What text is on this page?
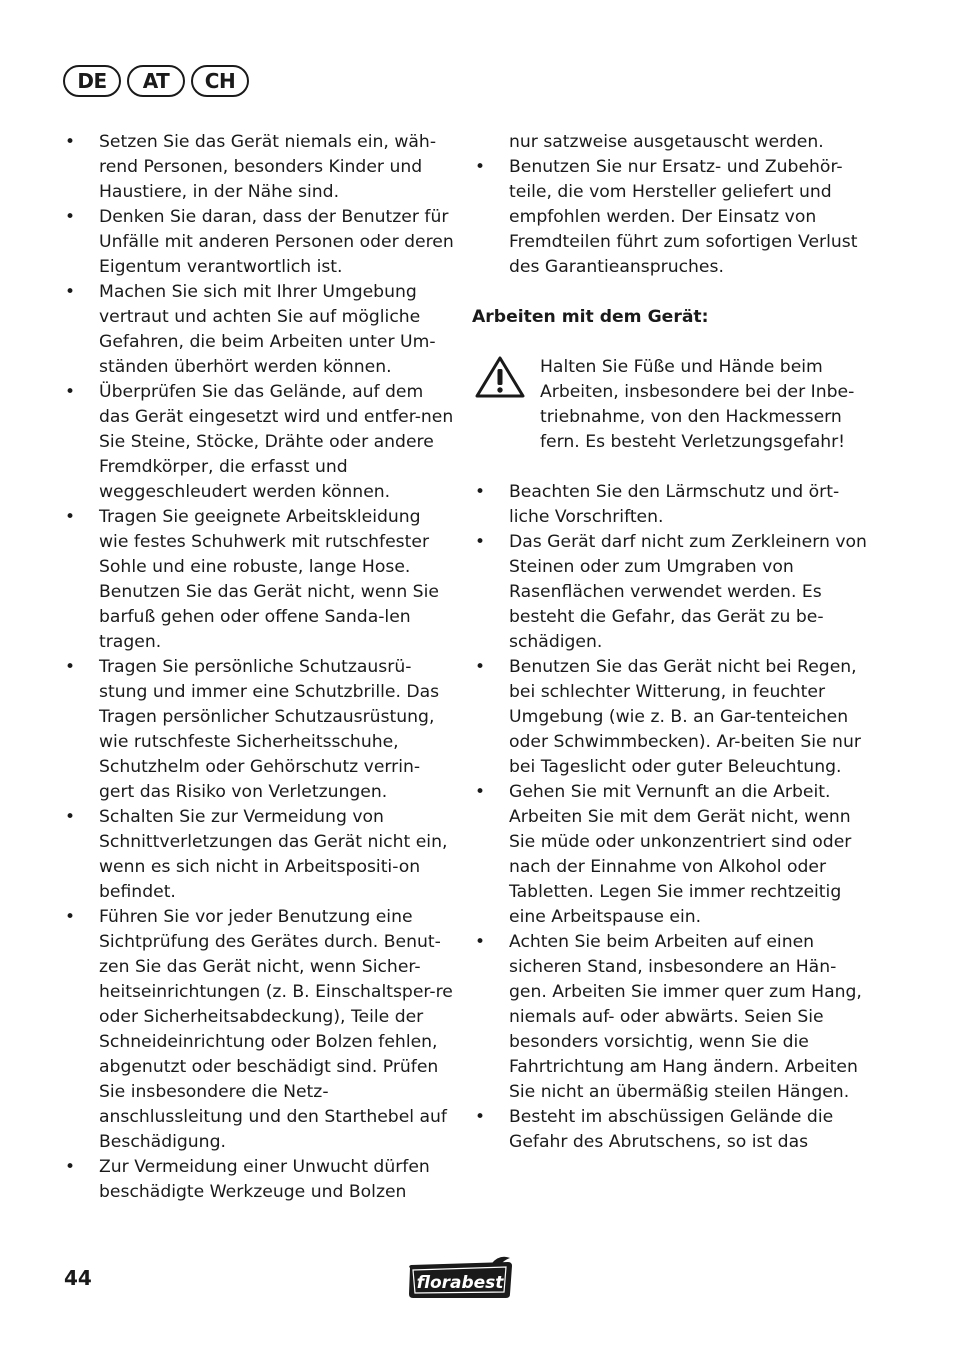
DE	AT	CH
• Setzen Sie das Gerät niemals ein, wäh-rend Personen, besonders Kinder und Haustiere, in der Nähe sind.
• Denken Sie daran, dass der Benutzer für Unfälle mit anderen Personen oder deren Eigentum verantwortlich ist.
• Machen Sie sich mit Ihrer Umgebung vertraut und achten Sie auf mögliche Gefahren, die beim Arbeiten unter Um-ständen überhört werden können.
• Überprüfen Sie das Gelände, auf dem das Gerät eingesetzt wird und entfer-nen Sie Steine, Stöcke, Drähte oder andere Fremdkörper, die erfasst und weggeschleudert werden können.
• Tragen Sie geeignete Arbeitskleidung wie festes Schuhwerk mit rutschfester Sohle und eine robuste, lange Hose. Benutzen Sie das Gerät nicht, wenn Sie barfuß gehen oder offene Sanda-len tragen.
• Tragen Sie persönliche Schutzausrü-stung und immer eine Schutzbrille. Das Tragen persönlicher Schutzausrüstung, wie rutschfeste Sicherheitsschuhe, Schutzhelm oder Gehörschutz verrin-gert das Risiko von Verletzungen.
• Schalten Sie zur Vermeidung von Schnittverletzungen das Gerät nicht ein, wenn es sich nicht in Arbeitspositi-on befindet.
• Führen Sie vor jeder Benutzung eine Sichtprüfung des Gerätes durch. Benut-zen Sie das Gerät nicht, wenn Sicher-heitseinrichtungen (z. B. Einschaltsper-re oder Sicherheitsabdeckung), Teile der Schneideinrichtung oder Bolzen fehlen, abgenutzt oder beschädigt sind. Prüfen Sie insbesondere die Netz-anschlussleitung und den Starthebel auf Beschädigung.
• Zur Vermeidung einer Unwucht dürfen beschädigte Werkzeuge und Bolzen
nur satzweise ausgetauscht werden.
• Benutzen Sie nur Ersatz- und Zubehör-teile, die vom Hersteller geliefert und empfohlen werden. Der Einsatz von Fremdteilen führt zum sofortigen Verlust des Garantieanspruches.
Arbeiten mit dem Gerät:
Halten Sie Füße und Hände beim Arbeiten, insbesondere bei der Inbe-triebnahme, von den Hackmessern fern. Es besteht Verletzungsgefahr!
• Beachten Sie den Lärmschutz und ört-liche Vorschriften.
• Das Gerät darf nicht zum Zerkleinern von Steinen oder zum Umgraben von Rasenflächen verwendet werden. Es besteht die Gefahr, das Gerät zu be-schädigen.
• Benutzen Sie das Gerät nicht bei Regen, bei schlechter Witterung, in feuchter Umgebung (wie z. B. an Gar-tenteichen oder Schwimmbecken). Ar-beiten Sie nur bei Tageslicht oder guter Beleuchtung.
• Gehen Sie mit Vernunft an die Arbeit. Arbeiten Sie mit dem Gerät nicht, wenn Sie müde oder unkonzentriert sind oder nach der Einnahme von Alkohol oder Tabletten. Legen Sie immer rechtzeitig eine Arbeitspause ein.
• Achten Sie beim Arbeiten auf einen sicheren Stand, insbesondere an Hän-gen. Arbeiten Sie immer quer zum Hang, niemals auf- oder abwärts. Seien Sie besonders vorsichtig, wenn Sie die Fahrtrichtung am Hang ändern. Arbeiten Sie nicht an übermäßig steilen Hängen.
• Besteht im abschüssigen Gelände die Gefahr des Abrutschens, so ist das
44	florabest
